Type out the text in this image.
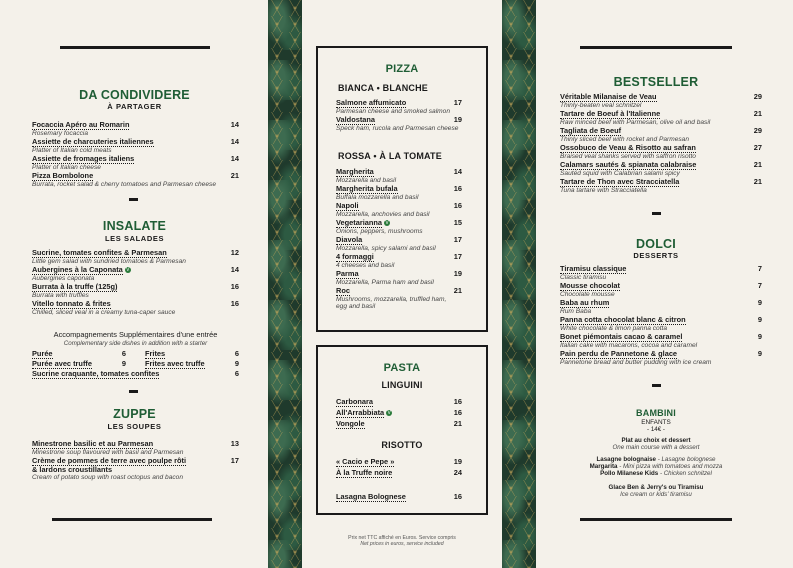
DA CONDIVIDERE
À PARTAGER
Focaccia Apéro au Romarin	14
Rosemary focaccia
Assiette de charcuteries italiennes	14
Platter of Italian cold meats
Assiette de fromages italiens	14
Platter of Italian cheese
Pizza Bombolone	21
Burrata, rocket salad & cherry tomatoes and Parmesan cheese
INSALATE
LES SALADES
Sucrine, tomates confites & Parmesan	12
Little gem salad with sundried tomatoes & Parmesan
Aubergines à la Caponata V	14
Aubergines caponata
Burrata à la truffe (125g)	16
Burrata with truffles
Vitello tonnato & frites	16
Chilled, sliced veal in a creamy tuna-caper sauce
Accompagnements Supplémentaires d'une entrée
Complementary side dishes in addition with a starter
Purée	6	Frites	6
Purée avec truffe	9	Frites avec truffe	9
Sucrine craquante, tomates confites	6
ZUPPE
LES SOUPES
Minestrone basilic et au Parmesan	13
Minestrone soup flavoured with basil and Parmesan
Crème de pommes de terre avec poulpe rôti	17
& lardons croustillants
Cream of potato soup with roast octopus and bacon
PIZZA
BIANCA • BLANCHE
Salmone affumicato	17
Parmesan cheese and smoked salmon
Valdostana	19
Speck ham, rucola and Parmesan cheese
ROSSA • À LA TOMATE
Margherita	14
Mozzarella and basil
Margherita bufala	16
Buffala mozzarella and basil
Napoli	16
Mozzarella, anchovies and basil
Vegetarianna V	15
Onions, peppers, mushrooms
Diavola	17
Mozzarella, spicy salami and basil
4 formaggi	17
4 cheeses and basil
Parma	19
Mozzarella, Parma ham and basil
Roc	21
Mushrooms, mozzarella, truffled ham,
egg and basil
PASTA
LINGUINI
Carbonara	16
All'Arrabbiata V	16
Vongole	21
RISOTTO
« Cacio e Pepe »	19
À la Truffe noire	24
Lasagna Bolognese	16
Prix net TTC affiché en Euros. Service compris
Net prices in euros, service included
BESTSELLER
Véritable Milanaise de Veau	29
Thinly-beaten veal schnitzel
Tartare de Boeuf à l'Italienne	21
Raw minced beef with Parmesan, olive oil and basil
Tagliata de Boeuf	29
Thinly sliced beef with rocket and Parmesan
Ossobuco de Veau & Risotto au safran	27
Braised veal shanks served with saffron risotto
Calamars sautés & spianata calabraise	21
Sautéd squid with Calabrian salami spicy
Tartare de Thon avec Stracciatella	21
Tuna tartare with Stracciatella
DOLCI
DESSERTS
Tiramisu classique	7
Classic tiramisu
Mousse chocolat	7
Chocolate mousse
Baba au rhum	9
Rum Baba
Panna cotta chocolat blanc & citron	9
White chocolate & limon panna cotta
Bonet piémontais cacao & caramel	9
Italian cake with macarons, cocoa and caramel
Pain perdu de Pannetone & glace	9
Pannetone bread and butter pudding with ice cream
BAMBINI
ENFANTS
- 14€ -
Plat au choix et dessert
One main course with a dessert
Lasagne bolognaise - Lasagne bolognese
Margarita - Mini pizza with tomatoes and mozza
Pollo Milanese Kids - Chicken schnitzel
Glace Ben & Jerry's ou Tiramisu
Ice cream or kids' tiramisu
